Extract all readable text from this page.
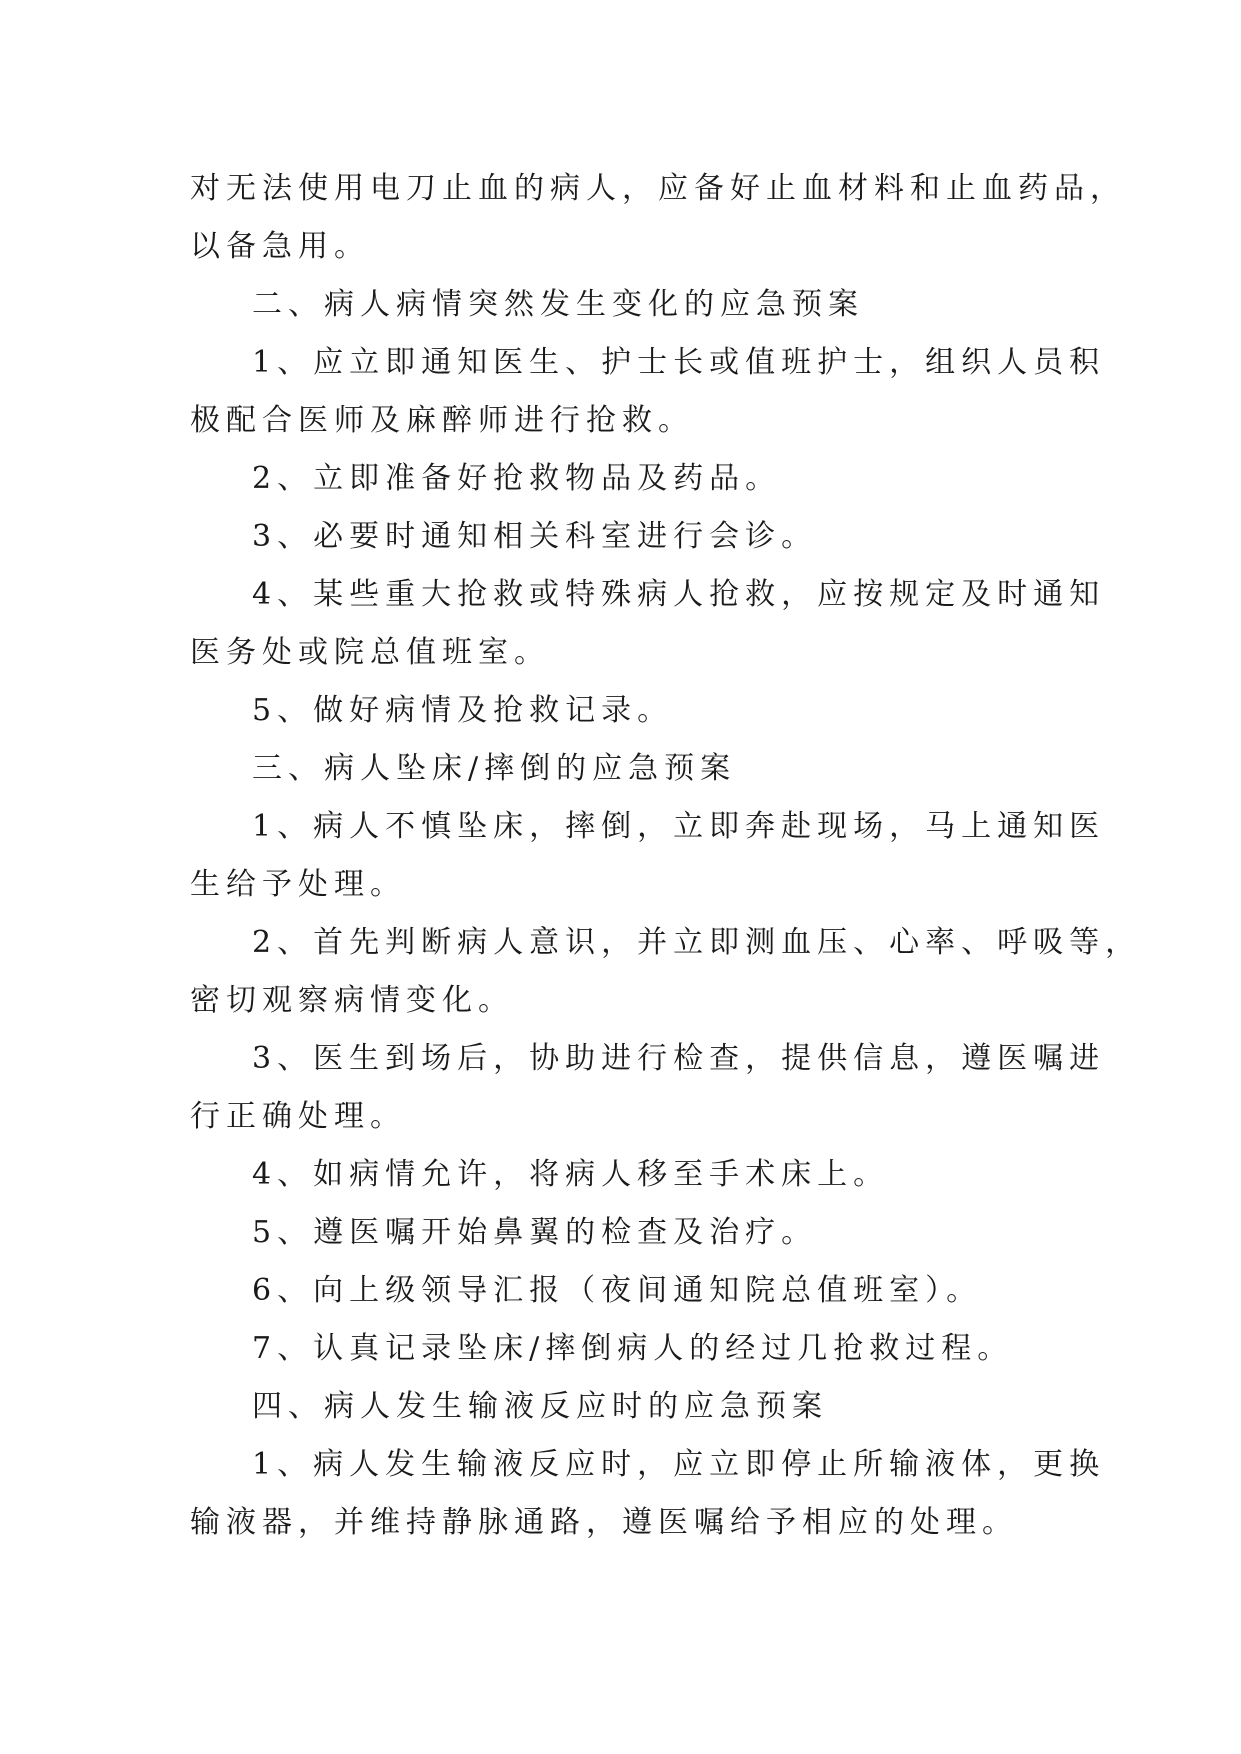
对无法使用电刀止血的病人，应备好止血材料和止血药品，
以备急用。
二、病人病情突然发生变化的应急预案
1、应立即通知医生、护士长或值班护士，组织人员积
极配合医师及麻醉师进行抢救。
2、立即准备好抢救物品及药品。
3、必要时通知相关科室进行会诊。
4、某些重大抢救或特殊病人抢救，应按规定及时通知
医务处或院总值班室。
5、做好病情及抢救记录。
三、病人坠床/摔倒的应急预案
1、病人不慎坠床，摔倒，立即奔赴现场，马上通知医
生给予处理。
2、首先判断病人意识，并立即测血压、心率、呼吸等，
密切观察病情变化。
3、医生到场后，协助进行检查，提供信息，遵医嘱进
行正确处理。
4、如病情允许，将病人移至手术床上。
5、遵医嘱开始鼻翼的检查及治疗。
6、向上级领导汇报（夜间通知院总值班室）。
7、认真记录坠床/摔倒病人的经过几抢救过程。
四、病人发生输液反应时的应急预案
1、病人发生输液反应时，应立即停止所输液体，更换
输液器，并维持静脉通路，遵医嘱给予相应的处理。
